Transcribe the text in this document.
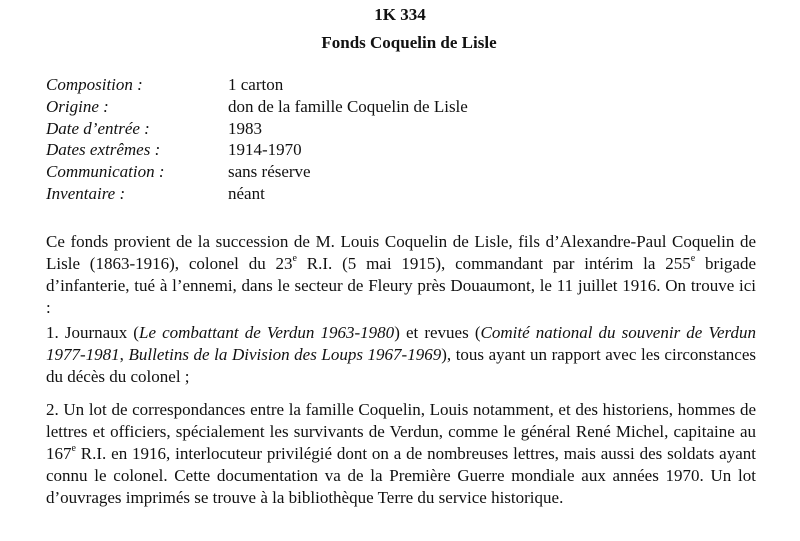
1K 334
Fonds Coquelin de Lisle
Composition :	1 carton
Origine :	don de la famille Coquelin de Lisle
Date d’entrée :	1983
Dates extrêmes :	1914-1970
Communication :	sans réserve
Inventaire :	néant

Ce fonds provient de la succession de M. Louis Coquelin de Lisle, fils d’Alexandre-Paul Coquelin de Lisle (1863-1916), colonel du 23e R.I. (5 mai 1915), commandant par intérim la 255e brigade d’infanterie, tué à l’ennemi, dans le secteur de Fleury près Douaumont, le 11 juillet 1916. On trouve ici :

1. Journaux (Le combattant de Verdun 1963-1980) et revues (Comité national du souvenir de Verdun 1977-1981, Bulletins de la Division des Loups 1967-1969), tous ayant un rapport avec les circonstances du décès du colonel ;

2. Un lot de correspondances entre la famille Coquelin, Louis notamment, et des historiens, hommes de lettres et officiers, spécialement les survivants de Verdun, comme le général René Michel, capitaine au 167e R.I. en 1916, interlocuteur privilégié dont on a de nombreuses lettres, mais aussi des soldats ayant connu le colonel. Cette documentation va de la Première Guerre mondiale aux années 1970. Un lot d’ouvrages imprimés se trouve à la bibliothèque Terre du service historique.
